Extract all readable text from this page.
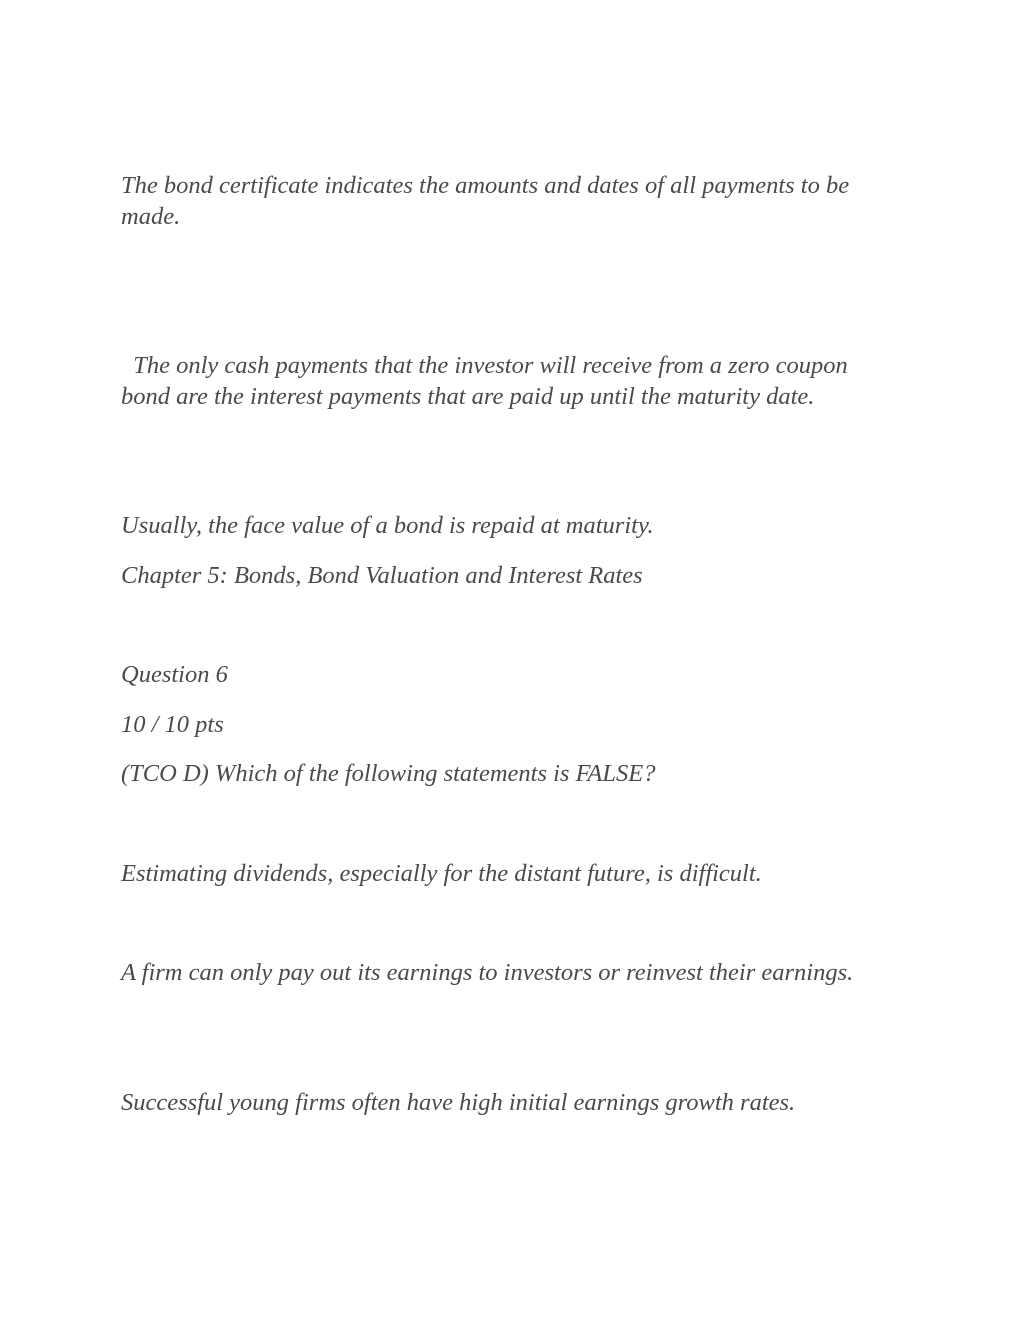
The bond certificate indicates the amounts and dates of all payments to be made.

The only cash payments that the investor will receive from a zero coupon bond are the interest payments that are paid up until the maturity date.

Usually, the face value of a bond is repaid at maturity.

Chapter 5: Bonds, Bond Valuation and Interest Rates

Question 6

10 / 10 pts

(TCO D) Which of the following statements is FALSE?

Estimating dividends, especially for the distant future, is difficult.

A firm can only pay out its earnings to investors or reinvest their earnings.

Successful young firms often have high initial earnings growth rates.
